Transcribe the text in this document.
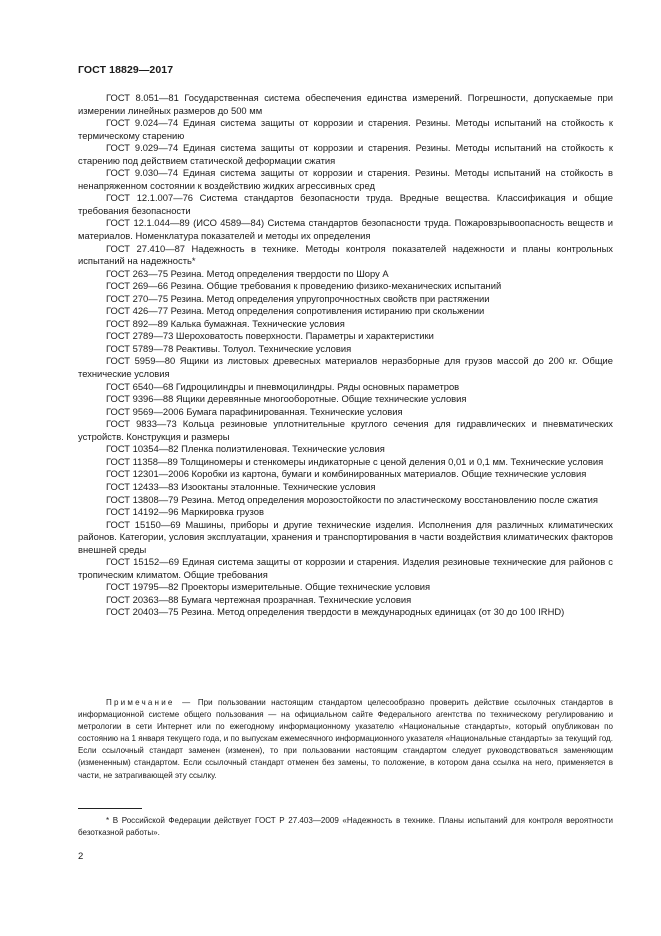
ГОСТ 18829—2017

ГОСТ 8.051—81 Государственная система обеспечения единства измерений. Погрешности, допускаемые при измерении линейных размеров до 500 мм

ГОСТ 9.024—74 Единая система защиты от коррозии и старения. Резины. Методы испытаний на стойкость к термическому старению

ГОСТ 9.029—74 Единая система защиты от коррозии и старения. Резины. Методы испытаний на стойкость к старению под действием статической деформации сжатия

ГОСТ 9.030—74 Единая система защиты от коррозии и старения. Резины. Методы испытаний на стойкость в ненапряженном состоянии к воздействию жидких агрессивных сред

ГОСТ 12.1.007—76 Система стандартов безопасности труда. Вредные вещества. Классификация и общие требования безопасности

ГОСТ 12.1.044—89 (ИСО 4589—84) Система стандартов безопасности труда. Пожаровзрывоопасность веществ и материалов. Номенклатура показателей и методы их определения

ГОСТ 27.410—87 Надежность в технике. Методы контроля показателей надежности и планы контрольных испытаний на надежность*

ГОСТ 263—75 Резина. Метод определения твердости по Шору А

ГОСТ 269—66 Резина. Общие требования к проведению физико-механических испытаний

ГОСТ 270—75 Резина. Метод определения упругопрочностных свойств при растяжении

ГОСТ 426—77 Резина. Метод определения сопротивления истиранию при скольжении

ГОСТ 892—89 Калька бумажная. Технические условия

ГОСТ 2789—73 Шероховатость поверхности. Параметры и характеристики

ГОСТ 5789—78 Реактивы. Толуол. Технические условия

ГОСТ 5959—80 Ящики из листовых древесных материалов неразборные для грузов массой до 200 кг. Общие технические условия

ГОСТ 6540—68 Гидроцилиндры и пневмоцилиндры. Ряды основных параметров

ГОСТ 9396—88 Ящики деревянные многооборотные. Общие технические условия

ГОСТ 9569—2006 Бумага парафинированная. Технические условия

ГОСТ 9833—73 Кольца резиновые уплотнительные круглого сечения для гидравлических и пневматических устройств. Конструкция и размеры

ГОСТ 10354—82 Пленка полиэтиленовая. Технические условия

ГОСТ 11358—89 Толщиномеры и стенкомеры индикаторные с ценой деления 0,01 и 0,1 мм. Технические условия

ГОСТ 12301—2006 Коробки из картона, бумаги и комбинированных материалов. Общие технические условия

ГОСТ 12433—83 Изооктаны эталонные. Технические условия

ГОСТ 13808—79 Резина. Метод определения морозостойкости по эластическому восстановлению после сжатия

ГОСТ 14192—96 Маркировка грузов

ГОСТ 15150—69 Машины, приборы и другие технические изделия. Исполнения для различных климатических районов. Категории, условия эксплуатации, хранения и транспортирования в части воздействия климатических факторов внешней среды

ГОСТ 15152—69 Единая система защиты от коррозии и старения. Изделия резиновые технические для районов с тропическим климатом. Общие требования

ГОСТ 19795—82 Проекторы измерительные. Общие технические условия

ГОСТ 20363—88 Бумага чертежная прозрачная. Технические условия

ГОСТ 20403—75 Резина. Метод определения твердости в международных единицах (от 30 до 100 IRHD)

Примечание — При пользовании настоящим стандартом целесообразно проверить действие ссылочных стандартов в информационной системе общего пользования — на официальном сайте Федерального агентства по техническому регулированию и метрологии в сети Интернет или по ежегодному информационному указателю «Национальные стандарты», который опубликован по состоянию на 1 января текущего года, и по выпускам ежемесячного информационного указателя «Национальные стандарты» за текущий год. Если ссылочный стандарт заменен (изменен), то при пользовании настоящим стандартом следует руководствоваться заменяющим (измененным) стандартом. Если ссылочный стандарт отменен без замены, то положение, в котором дана ссылка на него, применяется в части, не затрагивающей эту ссылку.
* В Российской Федерации действует ГОСТ Р 27.403—2009 «Надежность в технике. Планы испытаний для контроля вероятности безотказной работы».
2
